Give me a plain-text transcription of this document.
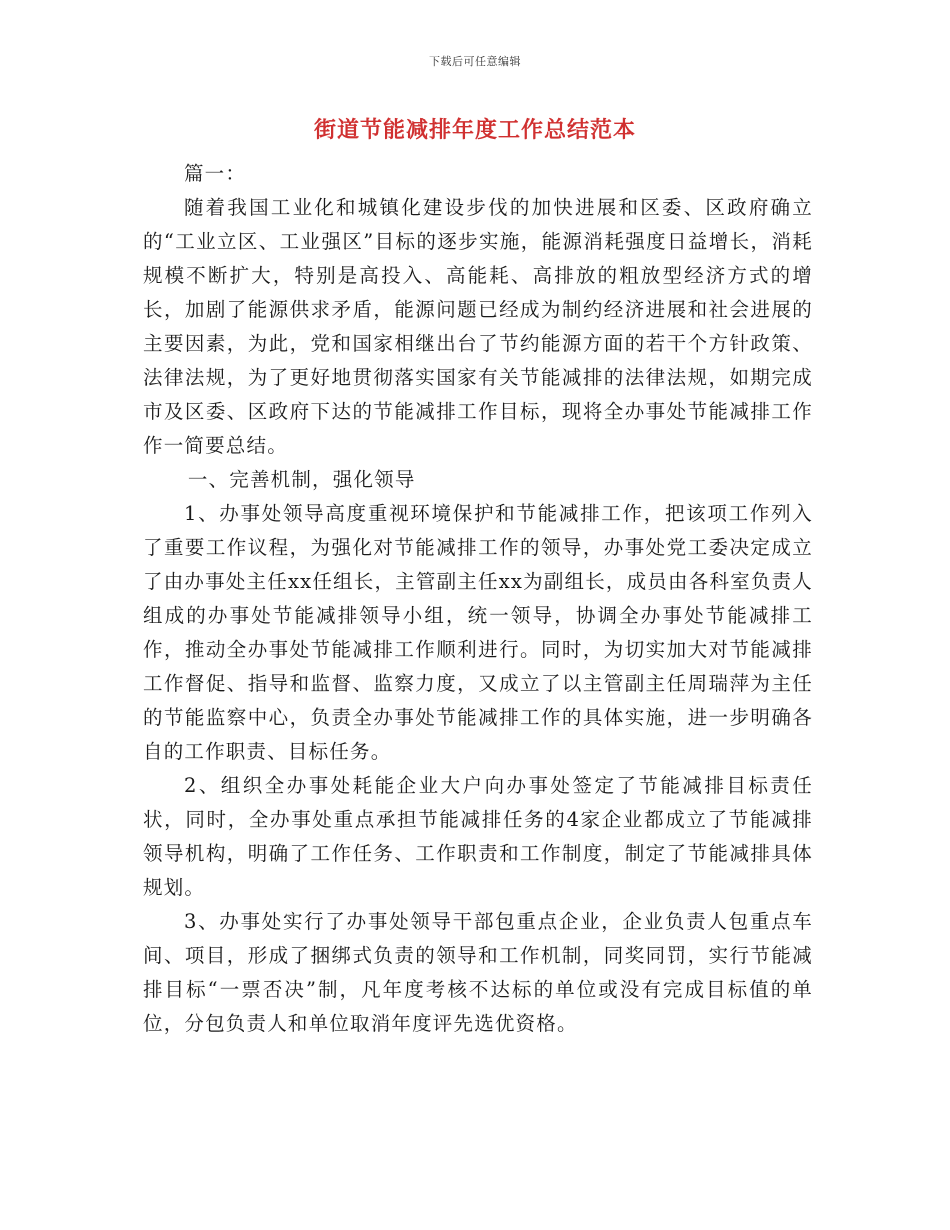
下载后可任意编辑
街道节能减排年度工作总结范本

篇一：

随着我国工业化和城镇化建设步伐的加快进展和区委、区政府确立的“工业立区、工业强区”目标的逐步实施，能源消耗强度日益增长，消耗规模不断扩大，特别是高投入、高能耗、高排放的粗放型经济方式的增长，加剧了能源供求矛盾，能源问题已经成为制约经济进展和社会进展的主要因素，为此，党和国家相继出台了节约能源方面的若干个方针政策、法律法规，为了更好地贯彻落实国家有关节能减排的法律法规，如期完成市及区委、区政府下达的节能减排工作目标，现将全办事处节能减排工作作一简要总结。

一、完善机制，强化领导

1、办事处领导高度重视环境保护和节能减排工作，把该项工作列入了重要工作议程，为强化对节能减排工作的领导，办事处党工委决定成立了由办事处主任xx任组长，主管副主任xx为副组长，成员由各科室负责人组成的办事处节能减排领导小组，统一领导，协调全办事处节能减排工作，推动全办事处节能减排工作顺利进行。同时，为切实加大对节能减排工作督促、指导和监督、监察力度，又成立了以主管副主任周瑞萍为主任的节能监察中心，负责全办事处节能减排工作的具体实施，进一步明确各自的工作职责、目标任务。

2、组织全办事处耗能企业大户向办事处签定了节能减排目标责任状，同时，全办事处重点承担节能减排任务的4家企业都成立了节能减排领导机构，明确了工作任务、工作职责和工作制度，制定了节能减排具体规划。

3、办事处实行了办事处领导干部包重点企业，企业负责人包重点车间、项目，形成了捆绑式负责的领导和工作机制，同奖同罚，实行节能减排目标“一票否决”制，凡年度考核不达标的单位或没有完成目标值的单位，分包负责人和单位取消年度评先选优资格。
